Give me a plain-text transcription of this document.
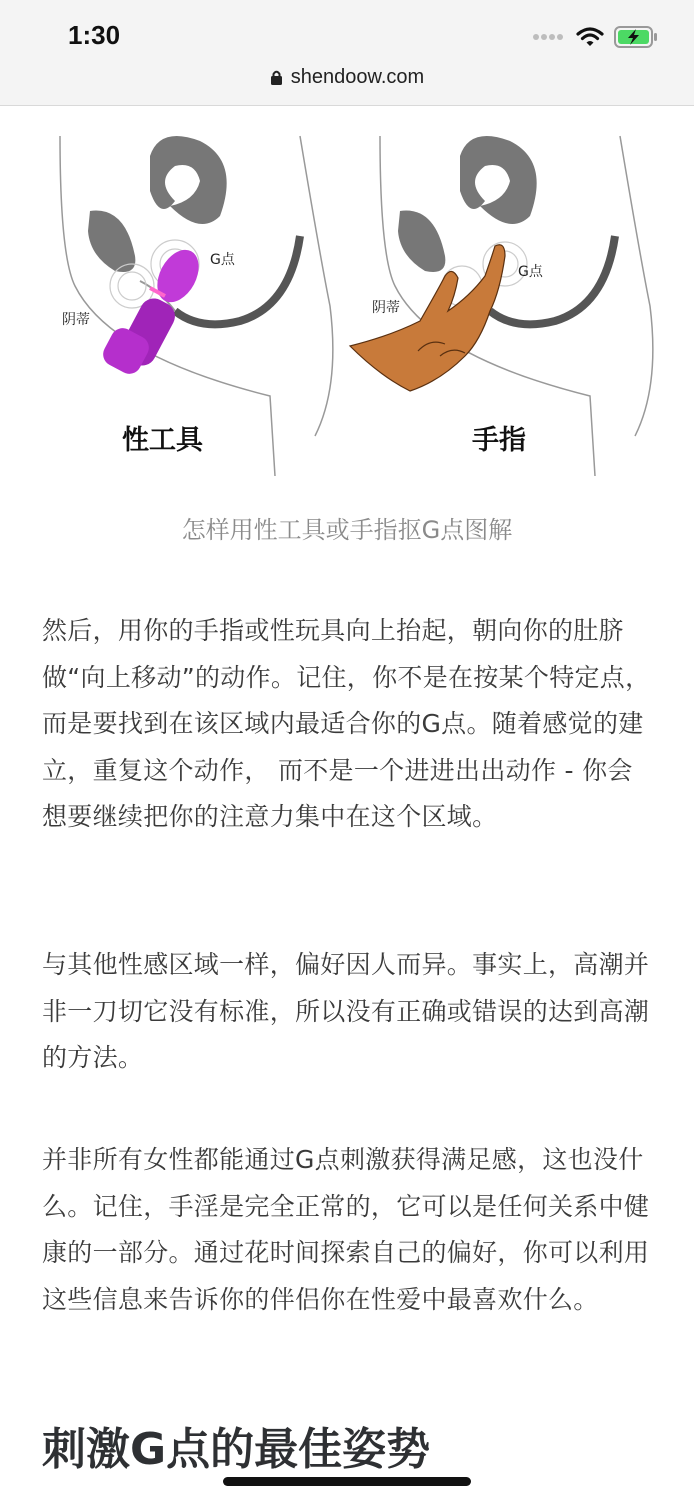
1:30
shendoow.com
G点
阴蒂
G点
阴蒂
性工具	手指
怎样用性工具或手指抠G点图解

然后，用你的手指或性玩具向上抬起，朝向你的肚脐做“向上移动”的动作。记住，你不是在按某个特定点，而是要找到在该区域内最适合你的G点。随着感觉的建立，重复这个动作， 而不是一个进进出出动作 - 你会想要继续把你的注意力集中在这个区域。

与其他性感区域一样，偏好因人而异。事实上，高潮并非一刀切它没有标准，所以没有正确或错误的达到高潮的方法。

并非所有女性都能通过G点刺激获得满足感，这也没什么。记住，手淫是完全正常的，它可以是任何关系中健康的一部分。通过花时间探索自己的偏好，你可以利用这些信息来告诉你的伴侣你在性爱中最喜欢什么。

刺激G点的最佳姿势
